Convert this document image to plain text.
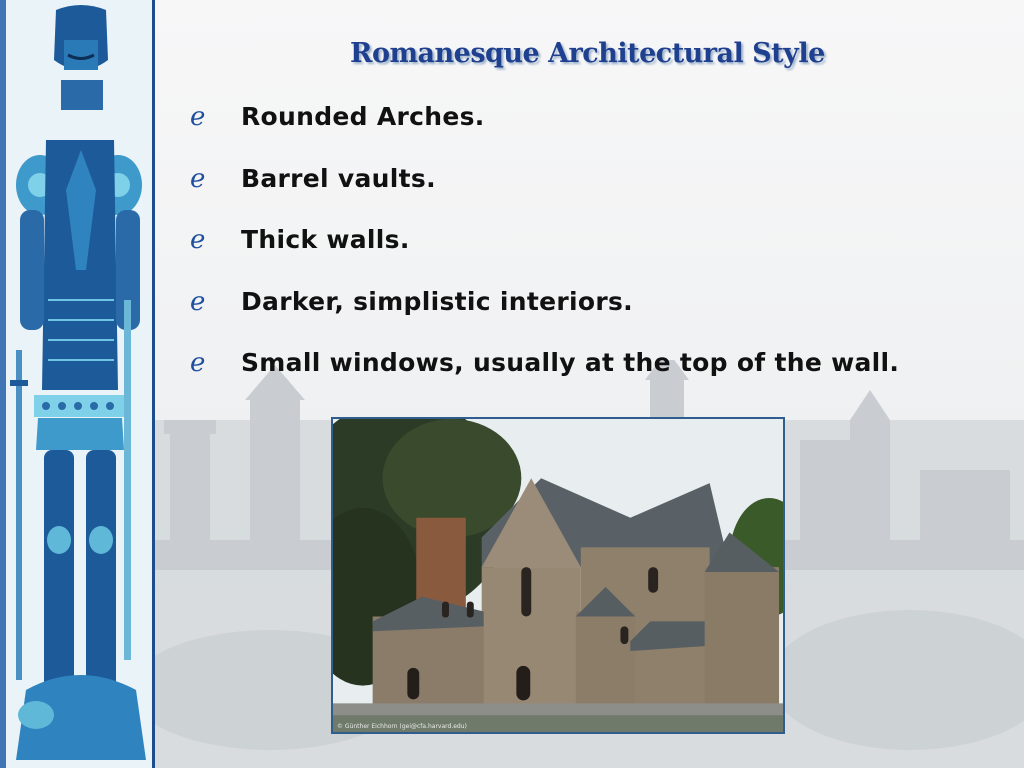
Romanesque Architectural Style
ℯ	Rounded Arches.
ℯ	Barrel vaults.
ℯ	Thick walls.
ℯ	Darker, simplistic interiors.
ℯ	Small windows, usually at the top of the wall.
© Günther Eichhorn (gei@cfa.harvard.edu)
